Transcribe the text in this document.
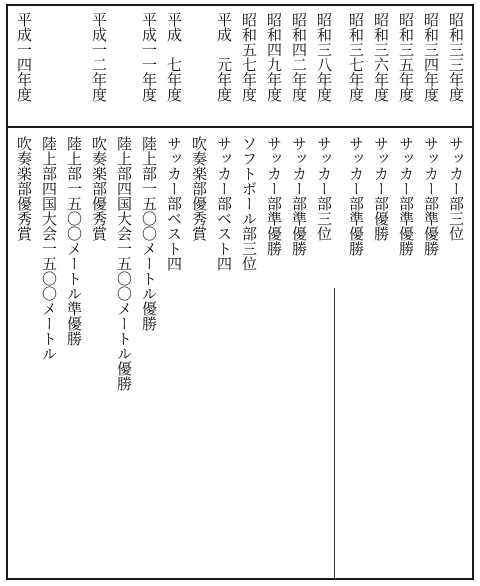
昭和三三年度
サッカー部三位
昭和三四年度
サッカー部準優勝
昭和三五年度
サッカー部準優勝
昭和三六年度
サッカー部優勝
昭和三七年度
サッカー部準優勝
昭和三八年度
サッカー部三位
昭和四二年度
サッカー部準優勝
昭和四九年度
サッカー部準優勝
昭和五七年度
ソフトボール部三位
平成　元年度
サッカー部ベスト四
吹奏楽部優秀賞
平成　七年度
サッカー部ベスト四
平成一一年度
陸上部一五〇〇メートル優勝
陸上部四国大会一五〇〇メートル優勝
平成一二年度
吹奏楽部優秀賞
陸上部一五〇〇メートル準優勝
陸上部四国大会一五〇〇メートル
平成一四年度
吹奏楽部優秀賞
